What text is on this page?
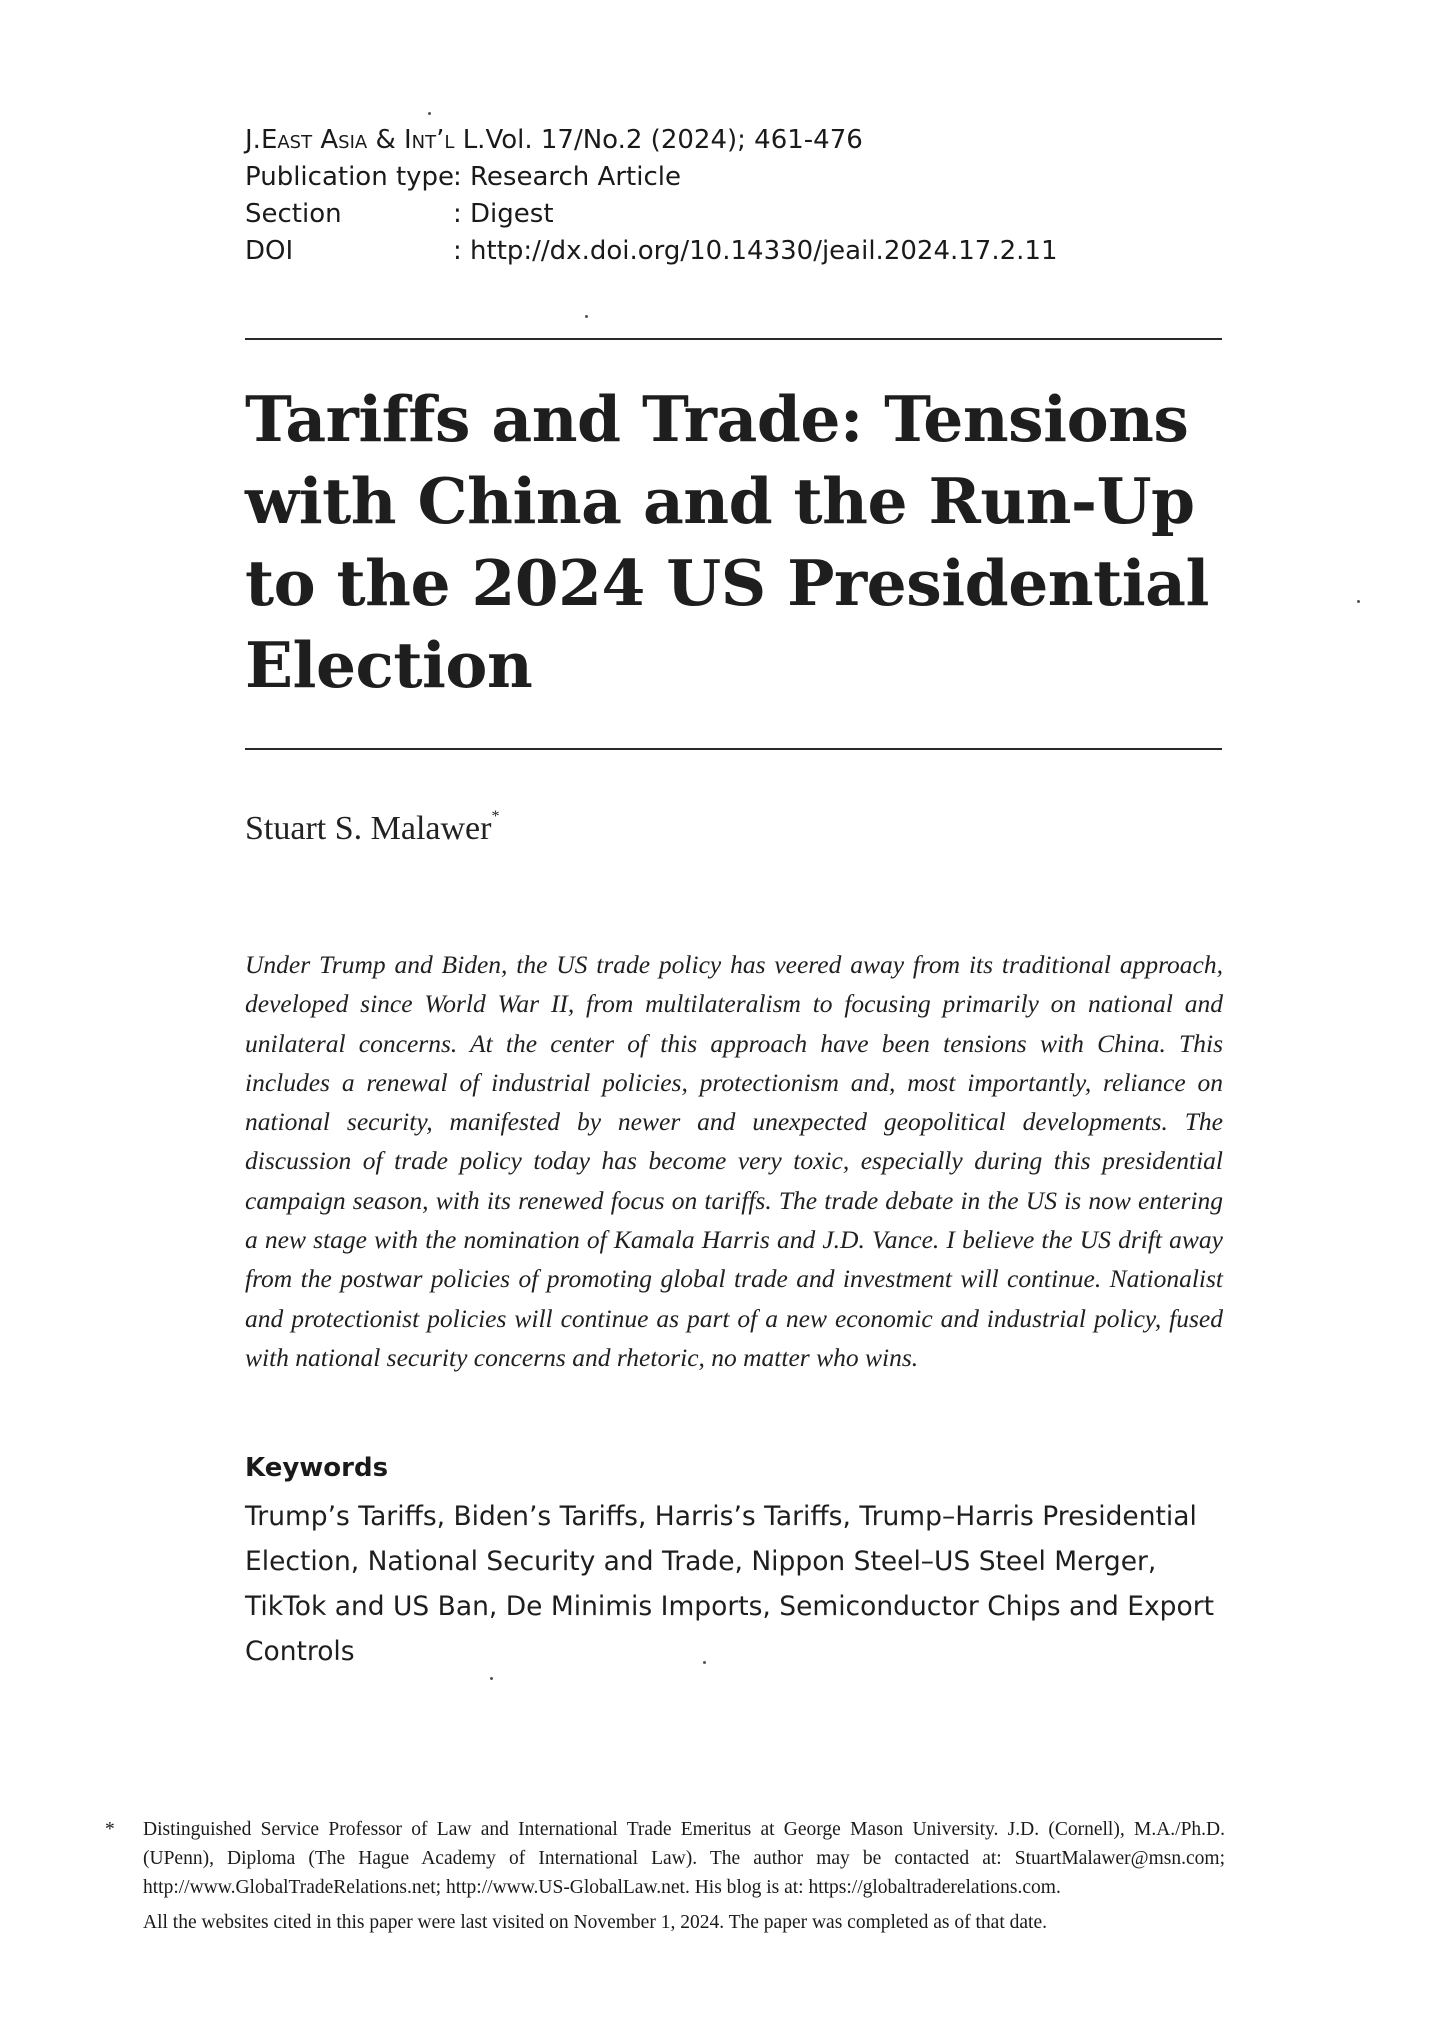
J. East Asia & Int’l L. Vol. 17/No.2 (2024); 461-476
Publication type
: Research Article
Section	: Digest
DOI	: http://dx.doi.org/10.14330/jeail.2024.17.2.11
Tariffs and Trade: Tensions with China and the Run-Up to the 2024 US Presidential Election
Stuart S. Malawer*

Under Trump and Biden, the US trade policy has veered away from its traditional approach, developed since World War II, from multilateralism to focusing primarily on national and unilateral concerns. At the center of this approach have been tensions with China. This includes a renewal of industrial policies, protectionism and, most importantly, reliance on national security, manifested by newer and unexpected geopolitical developments. The discussion of trade policy today has become very toxic, especially during this presidential campaign season, with its renewed focus on tariffs. The trade debate in the US is now entering a new stage with the nomination of Kamala Harris and J.D. Vance. I believe the US drift away from the postwar policies of promoting global trade and investment will continue. Nationalist and protectionist policies will continue as part of a new economic and industrial policy, fused with national security concerns and rhetoric, no matter who wins.

Keywords

Trump’s Tariffs, Biden’s Tariffs, Harris’s Tariffs, Trump–Harris Presidential Election, National Security and Trade, Nippon Steel–US Steel Merger, TikTok and US Ban, De Minimis Imports, Semiconductor Chips and Export Controls

* Distinguished Service Professor of Law and International Trade Emeritus at George Mason University. J.D. (Cornell), M.A./Ph.D. (UPenn), Diploma (The Hague Academy of International Law). The author may be contacted at: StuartMalawer@msn.com; http://www.GlobalTradeRelations.net; http://www.US-GlobalLaw.net. His blog is at: https://globaltraderelations.com.
All the websites cited in this paper were last visited on November 1, 2024. The paper was completed as of that date.
